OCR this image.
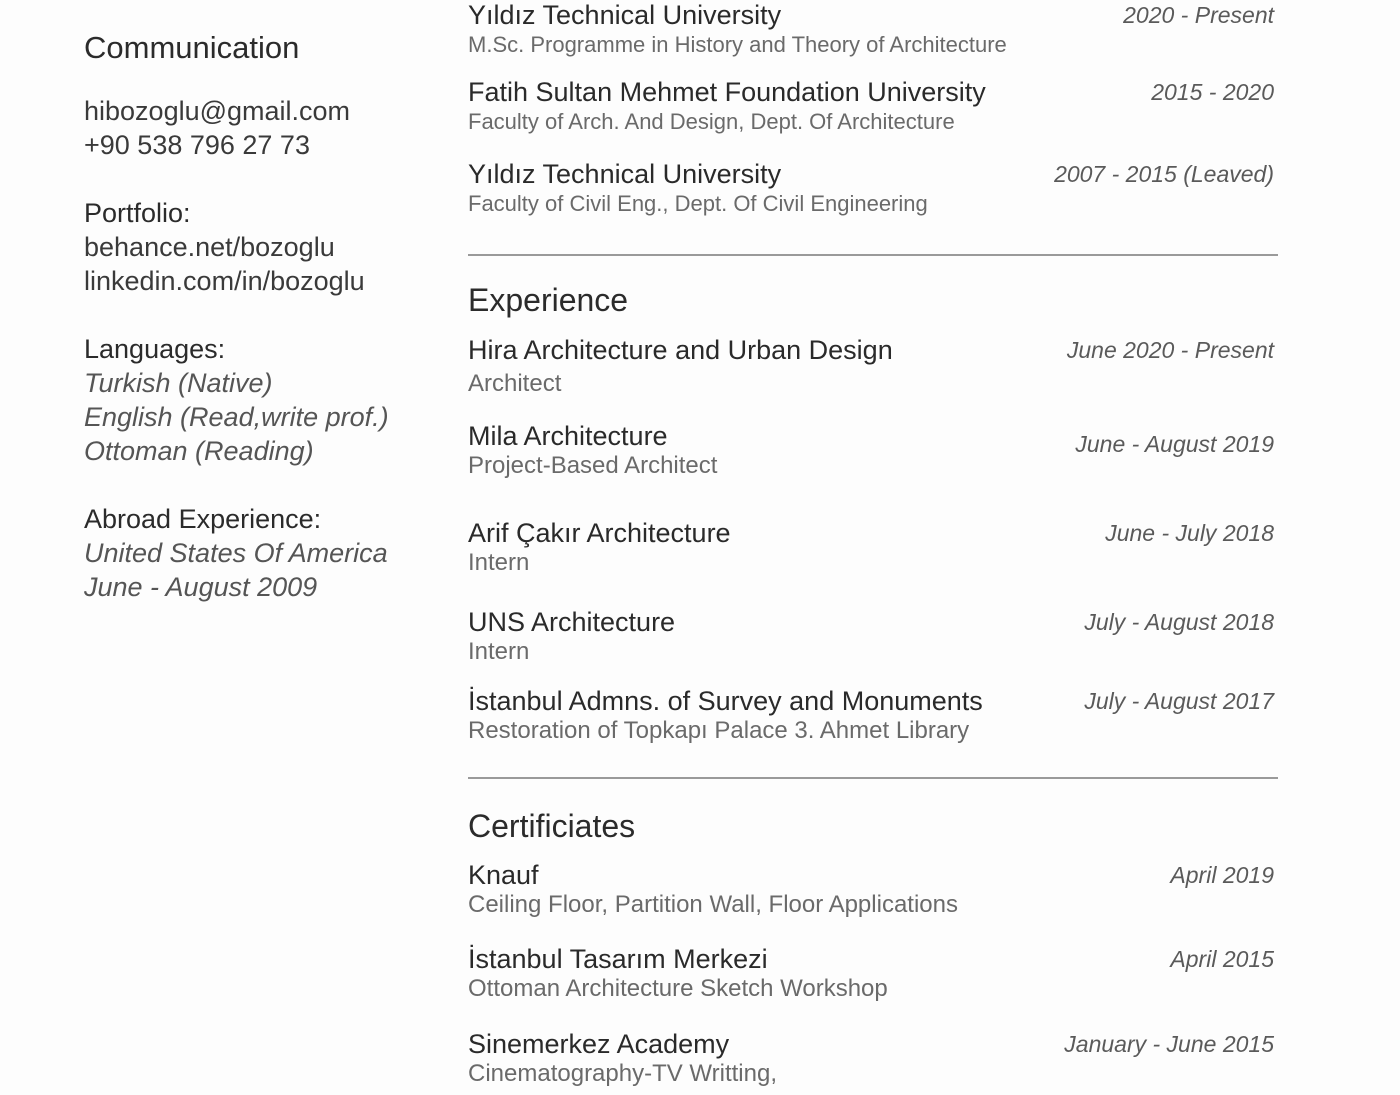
Communication
hibozoglu@gmail.com
+90 538 796 27 73
Portfolio:
behance.net/bozoglu
linkedin.com/in/bozoglu
Languages:
Turkish (Native)
English (Read,write prof.)
Ottoman (Reading)
Abroad Experience:
United States Of America
June - August 2009
Yıldız Technical University
M.Sc. Programme in History and Theory of Architecture
2020 - Present
Fatih Sultan Mehmet Foundation University
Faculty of Arch. And Design, Dept. Of Architecture
2015 - 2020
Yıldız Technical University
Faculty of Civil Eng., Dept. Of Civil Engineering
2007 - 2015 (Leaved)
Experience
Hira Architecture and Urban Design
Architect
June 2020 - Present
Mila Architecture
Project-Based Architect
June - August 2019
Arif Çakır Architecture
Intern
June - July 2018
UNS Architecture
Intern
July - August 2018
İstanbul Admns. of Survey and Monuments
Restoration of Topkapı Palace 3. Ahmet Library
July - August 2017
Certificiates
Knauf
Ceiling Floor, Partition Wall, Floor Applications
April 2019
İstanbul Tasarım Merkezi
Ottoman Architecture Sketch Workshop
April 2015
Sinemerkez Academy
Cinematography-TV Writting,
January - June 2015
